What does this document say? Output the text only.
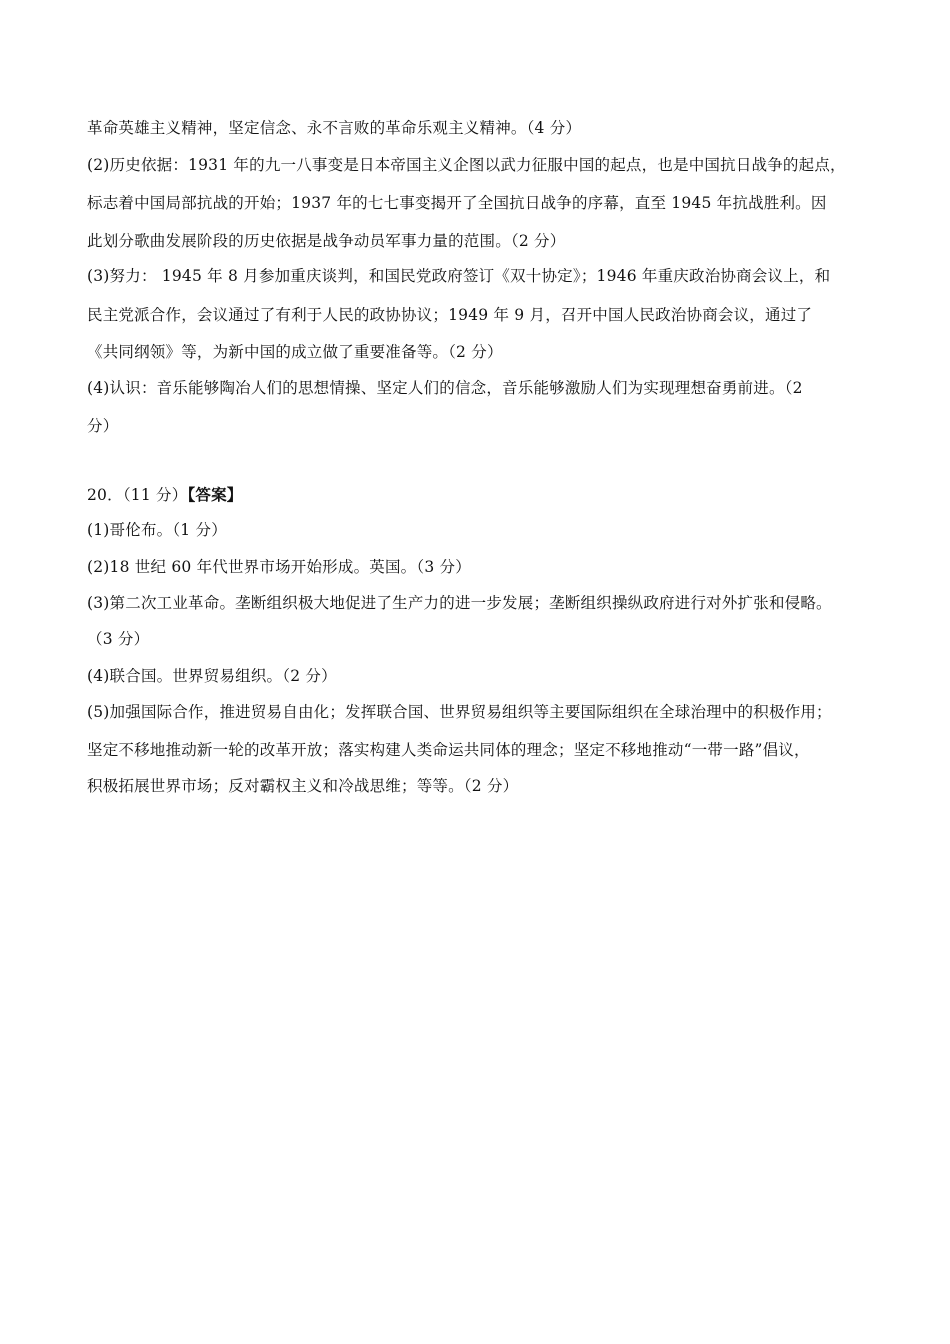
革命英雄主义精神，坚定信念、永不言败的革命乐观主义精神。（4 分）
(2)历史依据：1931 年的九一八事变是日本帝国主义企图以武力征服中国的起点，也是中国抗日战争的起点，
标志着中国局部抗战的开始；1937 年的七七事变揭开了全国抗日战争的序幕，直至 1945 年抗战胜利。因
此划分歌曲发展阶段的历史依据是战争动员军事力量的范围。（2 分）
(3)努力： 1945 年 8 月参加重庆谈判，和国民党政府签订《双十协定》；1946 年重庆政治协商会议上，和
民主党派合作，会议通过了有利于人民的政协协议；1949 年 9 月，召开中国人民政治协商会议，通过了
《共同纲领》等，为新中国的成立做了重要准备等。（2 分）
(4)认识：音乐能够陶冶人们的思想情操、坚定人们的信念，音乐能够激励人们为实现理想奋勇前进。（2
分）
20．（11 分）【答案】
(1)哥伦布。（1 分）
(2)18 世纪 60 年代世界市场开始形成。英国。（3 分）
(3)第二次工业革命。垄断组织极大地促进了生产力的进一步发展；垄断组织操纵政府进行对外扩张和侵略。
（3 分）
(4)联合国。世界贸易组织。（2 分）
(5)加强国际合作，推进贸易自由化；发挥联合国、世界贸易组织等主要国际组织在全球治理中的积极作用；
坚定不移地推动新一轮的改革开放；落实构建人类命运共同体的理念；坚定不移地推动“一带一路”倡议，
积极拓展世界市场；反对霸权主义和冷战思维；等等。（2 分）
